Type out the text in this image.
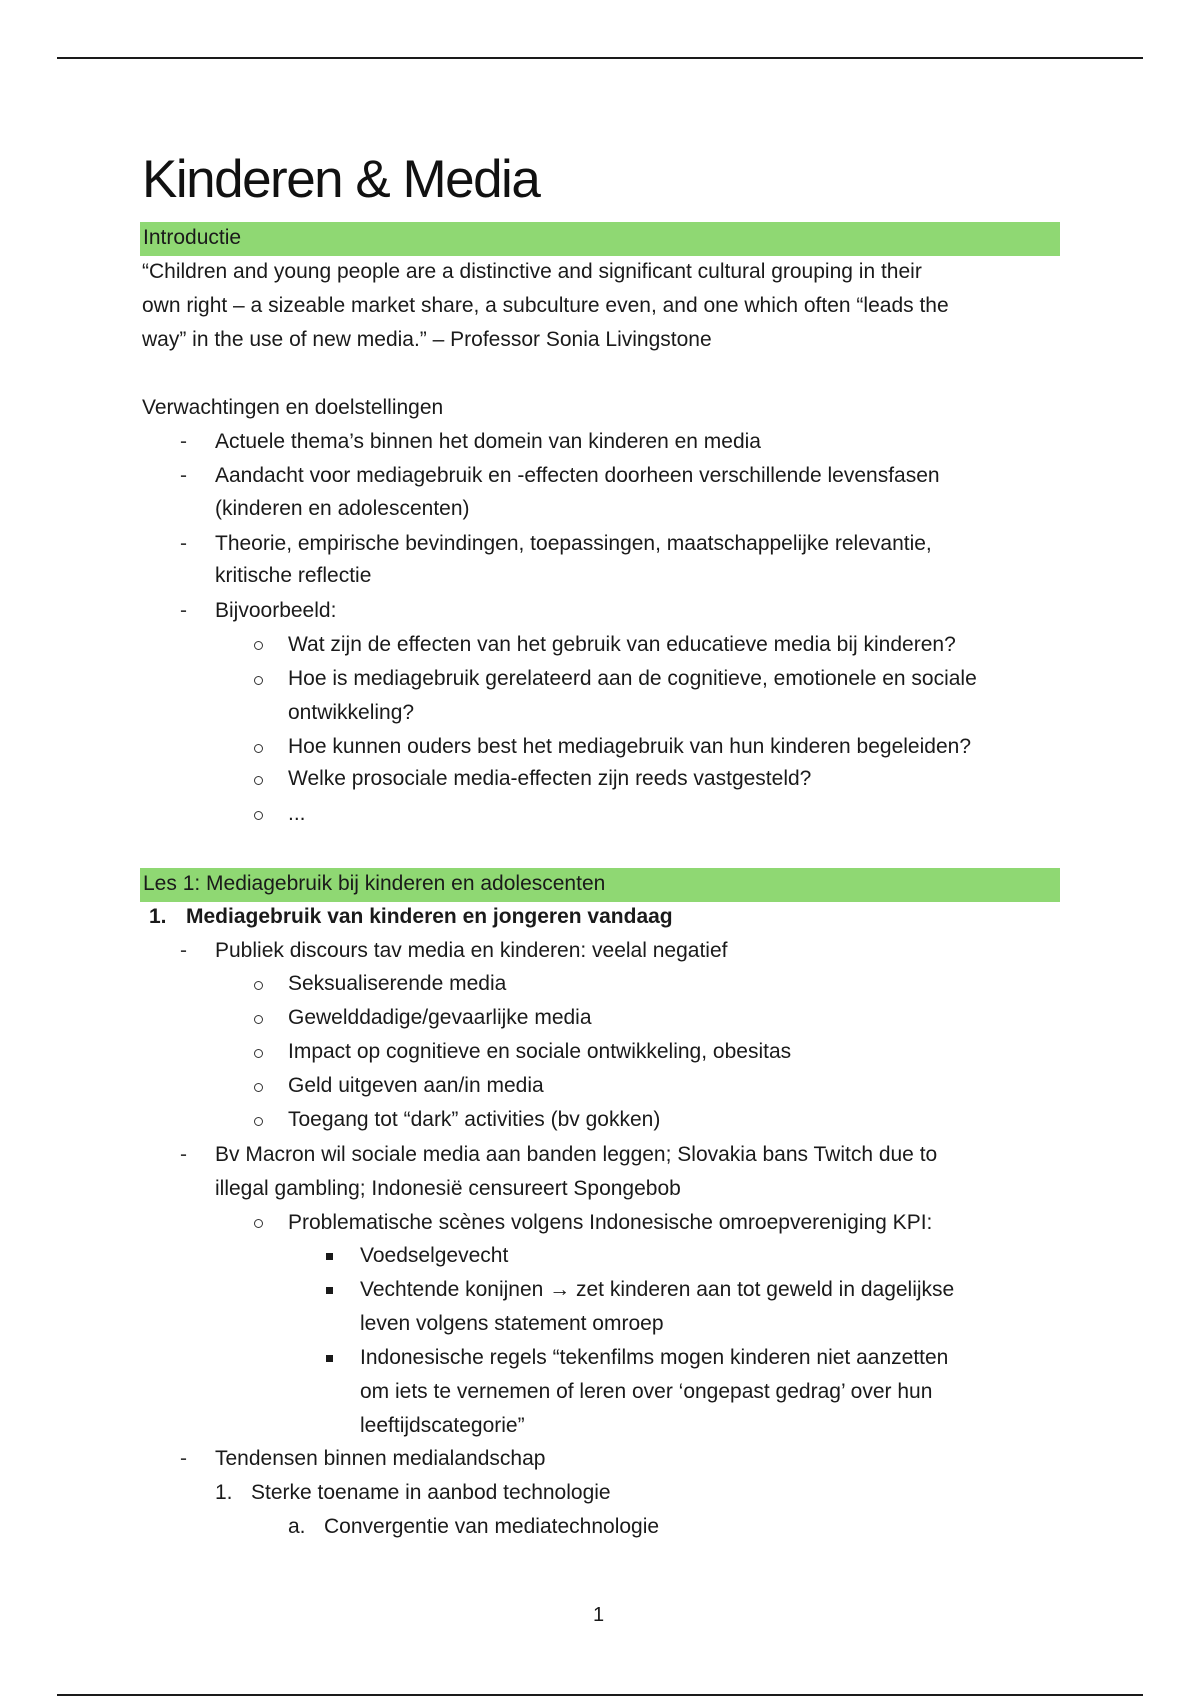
Kinderen & Media
Introductie
“Children and young people are a distinctive and significant cultural grouping in their
own right – a sizeable market share, a subculture even, and one which often “leads the
way” in the use of new media.” – Professor Sonia Livingstone
Verwachtingen en doelstellingen
- Actuele thema’s binnen het domein van kinderen en media
- Aandacht voor mediagebruik en -effecten doorheen verschillende levensfasen
(kinderen en adolescenten)
- Theorie, empirische bevindingen, toepassingen, maatschappelijke relevantie,
kritische reflectie
- Bijvoorbeeld:
Wat zijn de effecten van het gebruik van educatieve media bij kinderen?
Hoe is mediagebruik gerelateerd aan de cognitieve, emotionele en sociale
ontwikkeling?
Hoe kunnen ouders best het mediagebruik van hun kinderen begeleiden?
Welke prosociale media-effecten zijn reeds vastgesteld?
...
Les 1: Mediagebruik bij kinderen en adolescenten
1. Mediagebruik van kinderen en jongeren vandaag
- Publiek discours tav media en kinderen: veelal negatief
Seksualiserende media
Gewelddadige/gevaarlijke media
Impact op cognitieve en sociale ontwikkeling, obesitas
Geld uitgeven aan/in media
Toegang tot “dark” activities (bv gokken)
- Bv Macron wil sociale media aan banden leggen; Slovakia bans Twitch due to
illegal gambling; Indonesië censureert Spongebob
Problematische scènes volgens Indonesische omroepvereniging KPI:
Voedselgevecht
Vechtende konijnen → zet kinderen aan tot geweld in dagelijkse
leven volgens statement omroep
Indonesische regels “tekenfilms mogen kinderen niet aanzetten
om iets te vernemen of leren over ‘ongepast gedrag’ over hun
leeftijdscategorie”
- Tendensen binnen medialandschap
1. Sterke toename in aanbod technologie
a. Convergentie van mediatechnologie
1
